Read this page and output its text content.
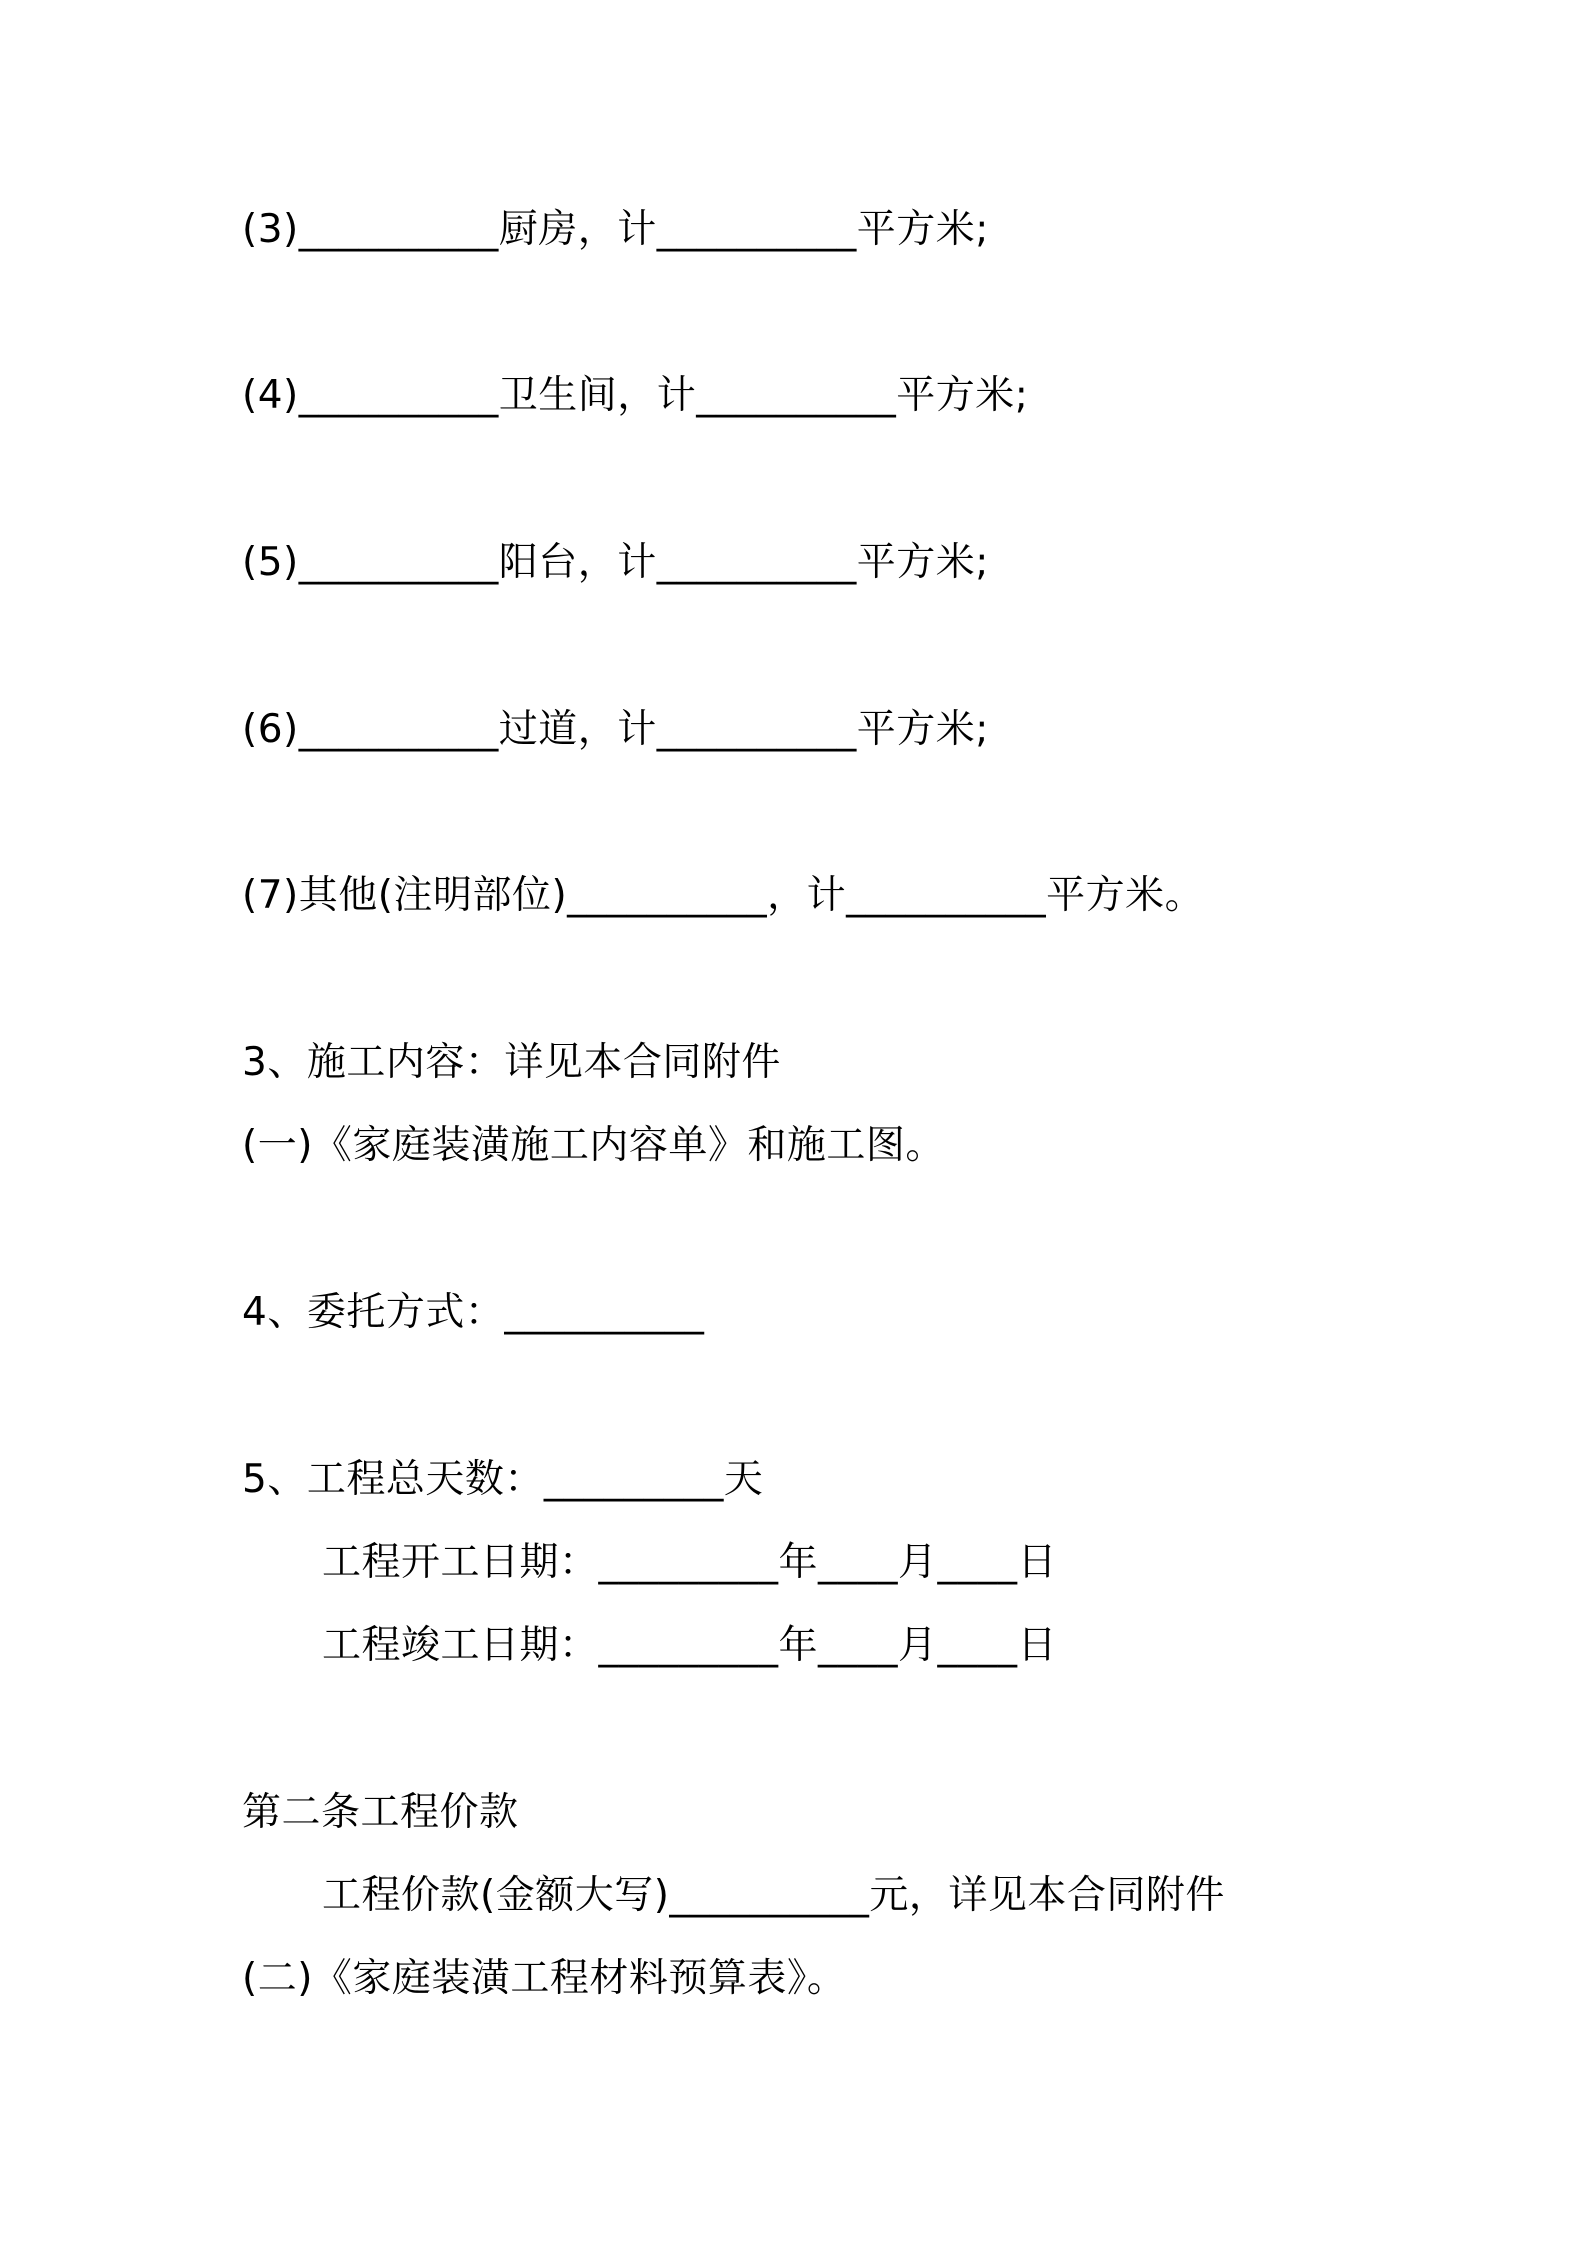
(3)__________厨房，计__________平方米;
(4)__________卫生间，计__________平方米;
(5)__________阳台，计__________平方米;
(6)__________过道，计__________平方米;
(7)其他(注明部位)__________，计__________平方米。
3、施工内容：详见本合同附件
(一)《家庭装潢施工内容单》和施工图。
4、委托方式：__________
5、工程总天数：_________天
工程开工日期：_________年____月____日
工程竣工日期：_________年____月____日
第二条工程价款
工程价款(金额大写)__________元，详见本合同附件
(二)《家庭装潢工程材料预算表》。
